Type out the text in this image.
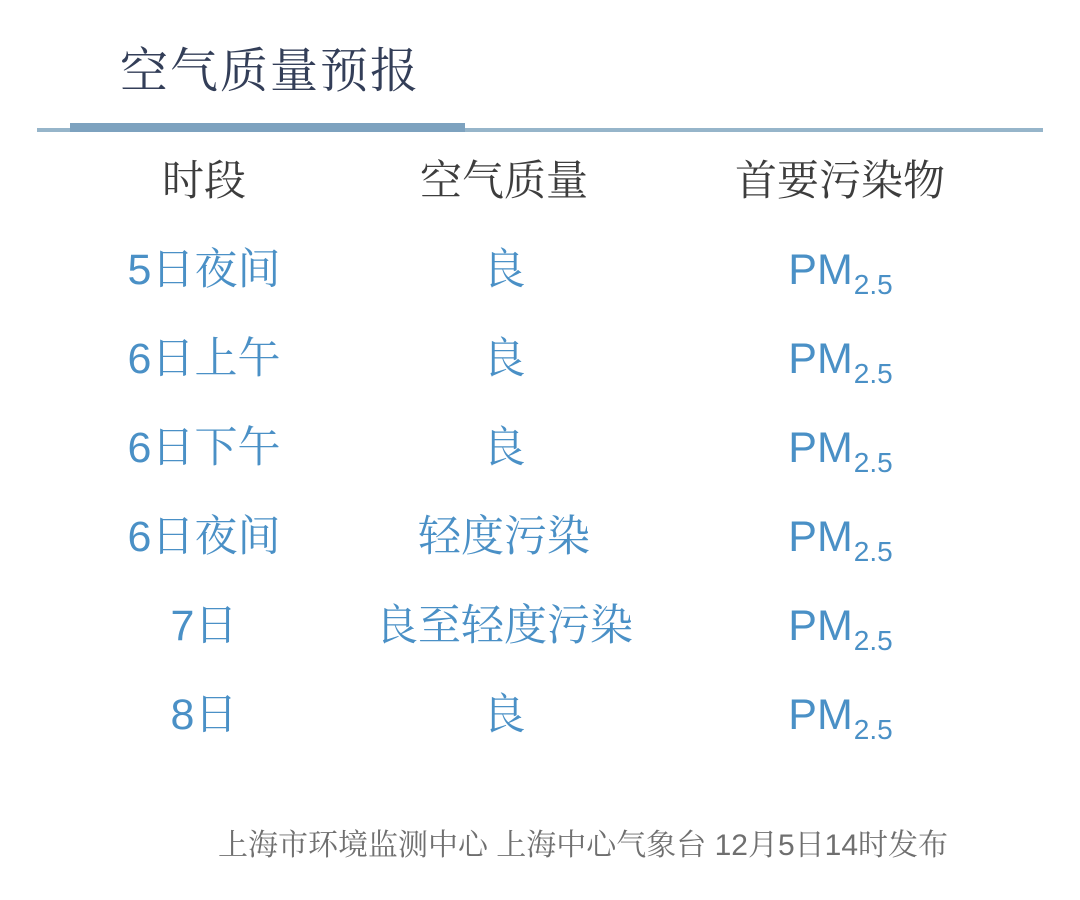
空气质量预报
时段	空气质量	首要污染物
5日夜间	良	$PM_{2.5}$
6日上午	良	$PM_{2.5}$
6日下午	良	$PM_{2.5}$
6日夜间	轻度污染	$PM_{2.5}$
7日	良至轻度污染	$PM_{2.5}$
8日	良	$PM_{2.5}$
上海市环境监测中心 上海中心气象台 12月5日14时发布
